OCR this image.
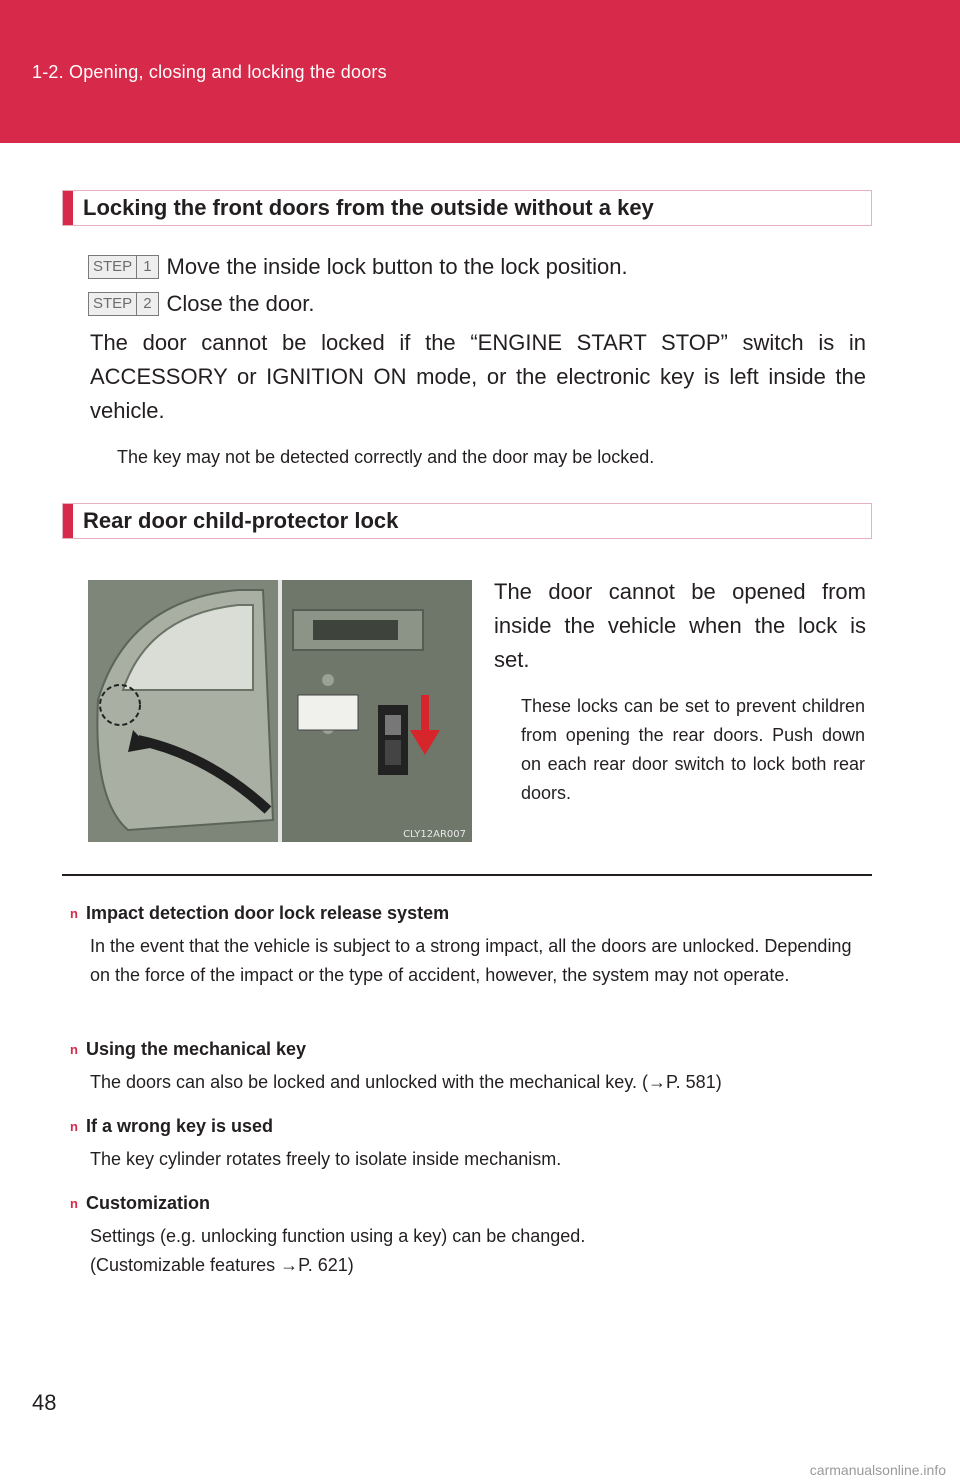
1-2. Opening, closing and locking the doors
Locking the front doors from the outside without a key
STEP 1 Move the inside lock button to the lock position.
STEP 2 Close the door.
The door cannot be locked if the “ENGINE START STOP” switch is in ACCESSORY or IGNITION ON mode, or the electronic key is left inside the vehicle.
The key may not be detected correctly and the door may be locked.
Rear door child-protector lock
CLY12AR007
The door cannot be opened from inside the vehicle when the lock is set.
These locks can be set to prevent children from opening the rear doors. Push down on each rear door switch to lock both rear doors.
n Impact detection door lock release system
In the event that the vehicle is subject to a strong impact, all the doors are unlocked. Depending on the force of the impact or the type of accident, however, the system may not operate.
n Using the mechanical key
The doors can also be locked and unlocked with the mechanical key. (→P. 581)
n If a wrong key is used
The key cylinder rotates freely to isolate inside mechanism.
n Customization
Settings (e.g. unlocking function using a key) can be changed.
(Customizable features →P. 621)
48
carmanualsonline.info
